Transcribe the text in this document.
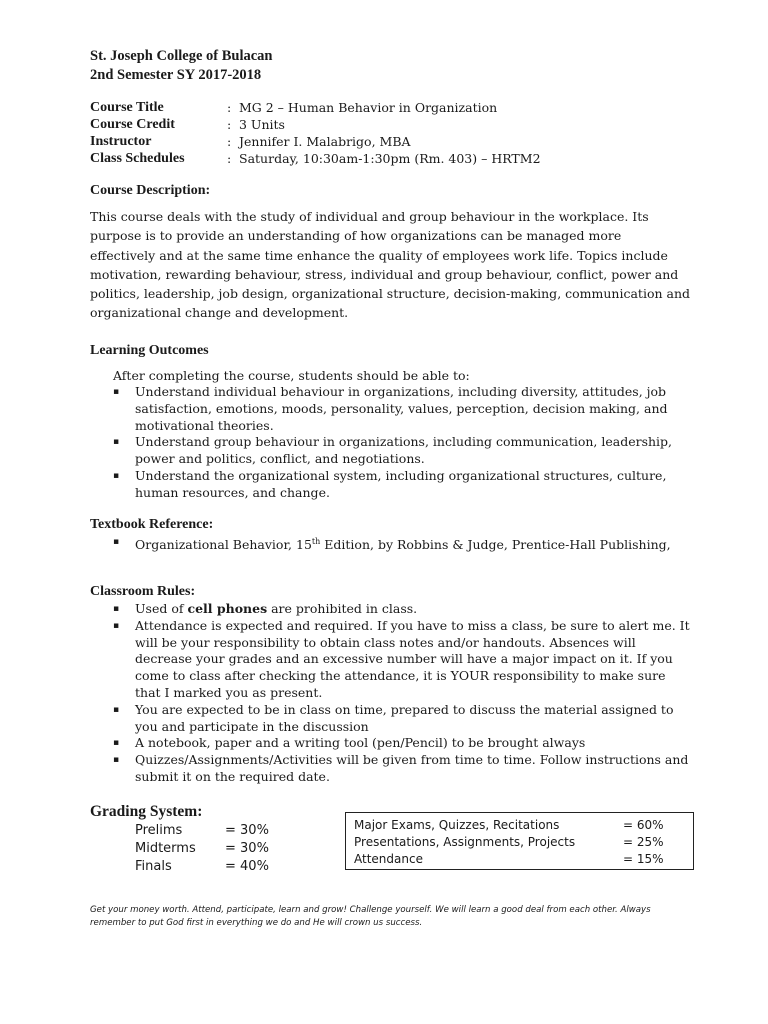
St. Joseph College of Bulacan
2nd Semester SY 2017-2018
Course Title	: MG 2 – Human Behavior in Organization
Course Credit	: 3 Units
Instructor	: Jennifer I. Malabrigo, MBA
Class Schedules	: Saturday, 10:30am-1:30pm (Rm. 403) – HRTM2
Course Description:
This course deals with the study of individual and group behaviour in the workplace. Its purpose is to provide an understanding of how organizations can be managed more effectively and at the same time enhance the quality of employees work life. Topics include motivation, rewarding behaviour, stress, individual and group behaviour, conflict, power and politics, leadership, job design, organizational structure, decision-making, communication and organizational change and development.
Learning Outcomes
After completing the course, students should be able to:
▪	Understand individual behaviour in organizations, including diversity, attitudes, job satisfaction, emotions, moods, personality, values, perception, decision making, and motivational theories.
▪	Understand group behaviour in organizations, including communication, leadership, power and politics, conflict, and negotiations.
▪	Understand the organizational system, including organizational structures, culture, human resources, and change.
Textbook Reference:
▪	Organizational Behavior, 15th Edition, by Robbins & Judge, Prentice-Hall Publishing,
Classroom Rules:
▪	Used of cell phones are prohibited in class.
▪	Attendance is expected and required. If you have to miss a class, be sure to alert me. It will be your responsibility to obtain class notes and/or handouts. Absences will decrease your grades and an excessive number will have a major impact on it. If you come to class after checking the attendance, it is YOUR responsibility to make sure that I marked you as present.
▪	You are expected to be in class on time, prepared to discuss the material assigned to you and participate in the discussion
▪	A notebook, paper and a writing tool (pen/Pencil) to be brought always
▪	Quizzes/Assignments/Activities will be given from time to time. Follow instructions and submit it on the required date.
Grading System:
Prelims	= 30%
Midterms	= 30%
Finals	= 40%
Major Exams, Quizzes, Recitations	= 60%
Presentations, Assignments, Projects	= 25%
Attendance	= 15%
Get your money worth. Attend, participate, learn and grow! Challenge yourself. We will learn a good deal from each other. Always remember to put God first in everything we do and He will crown us success.
